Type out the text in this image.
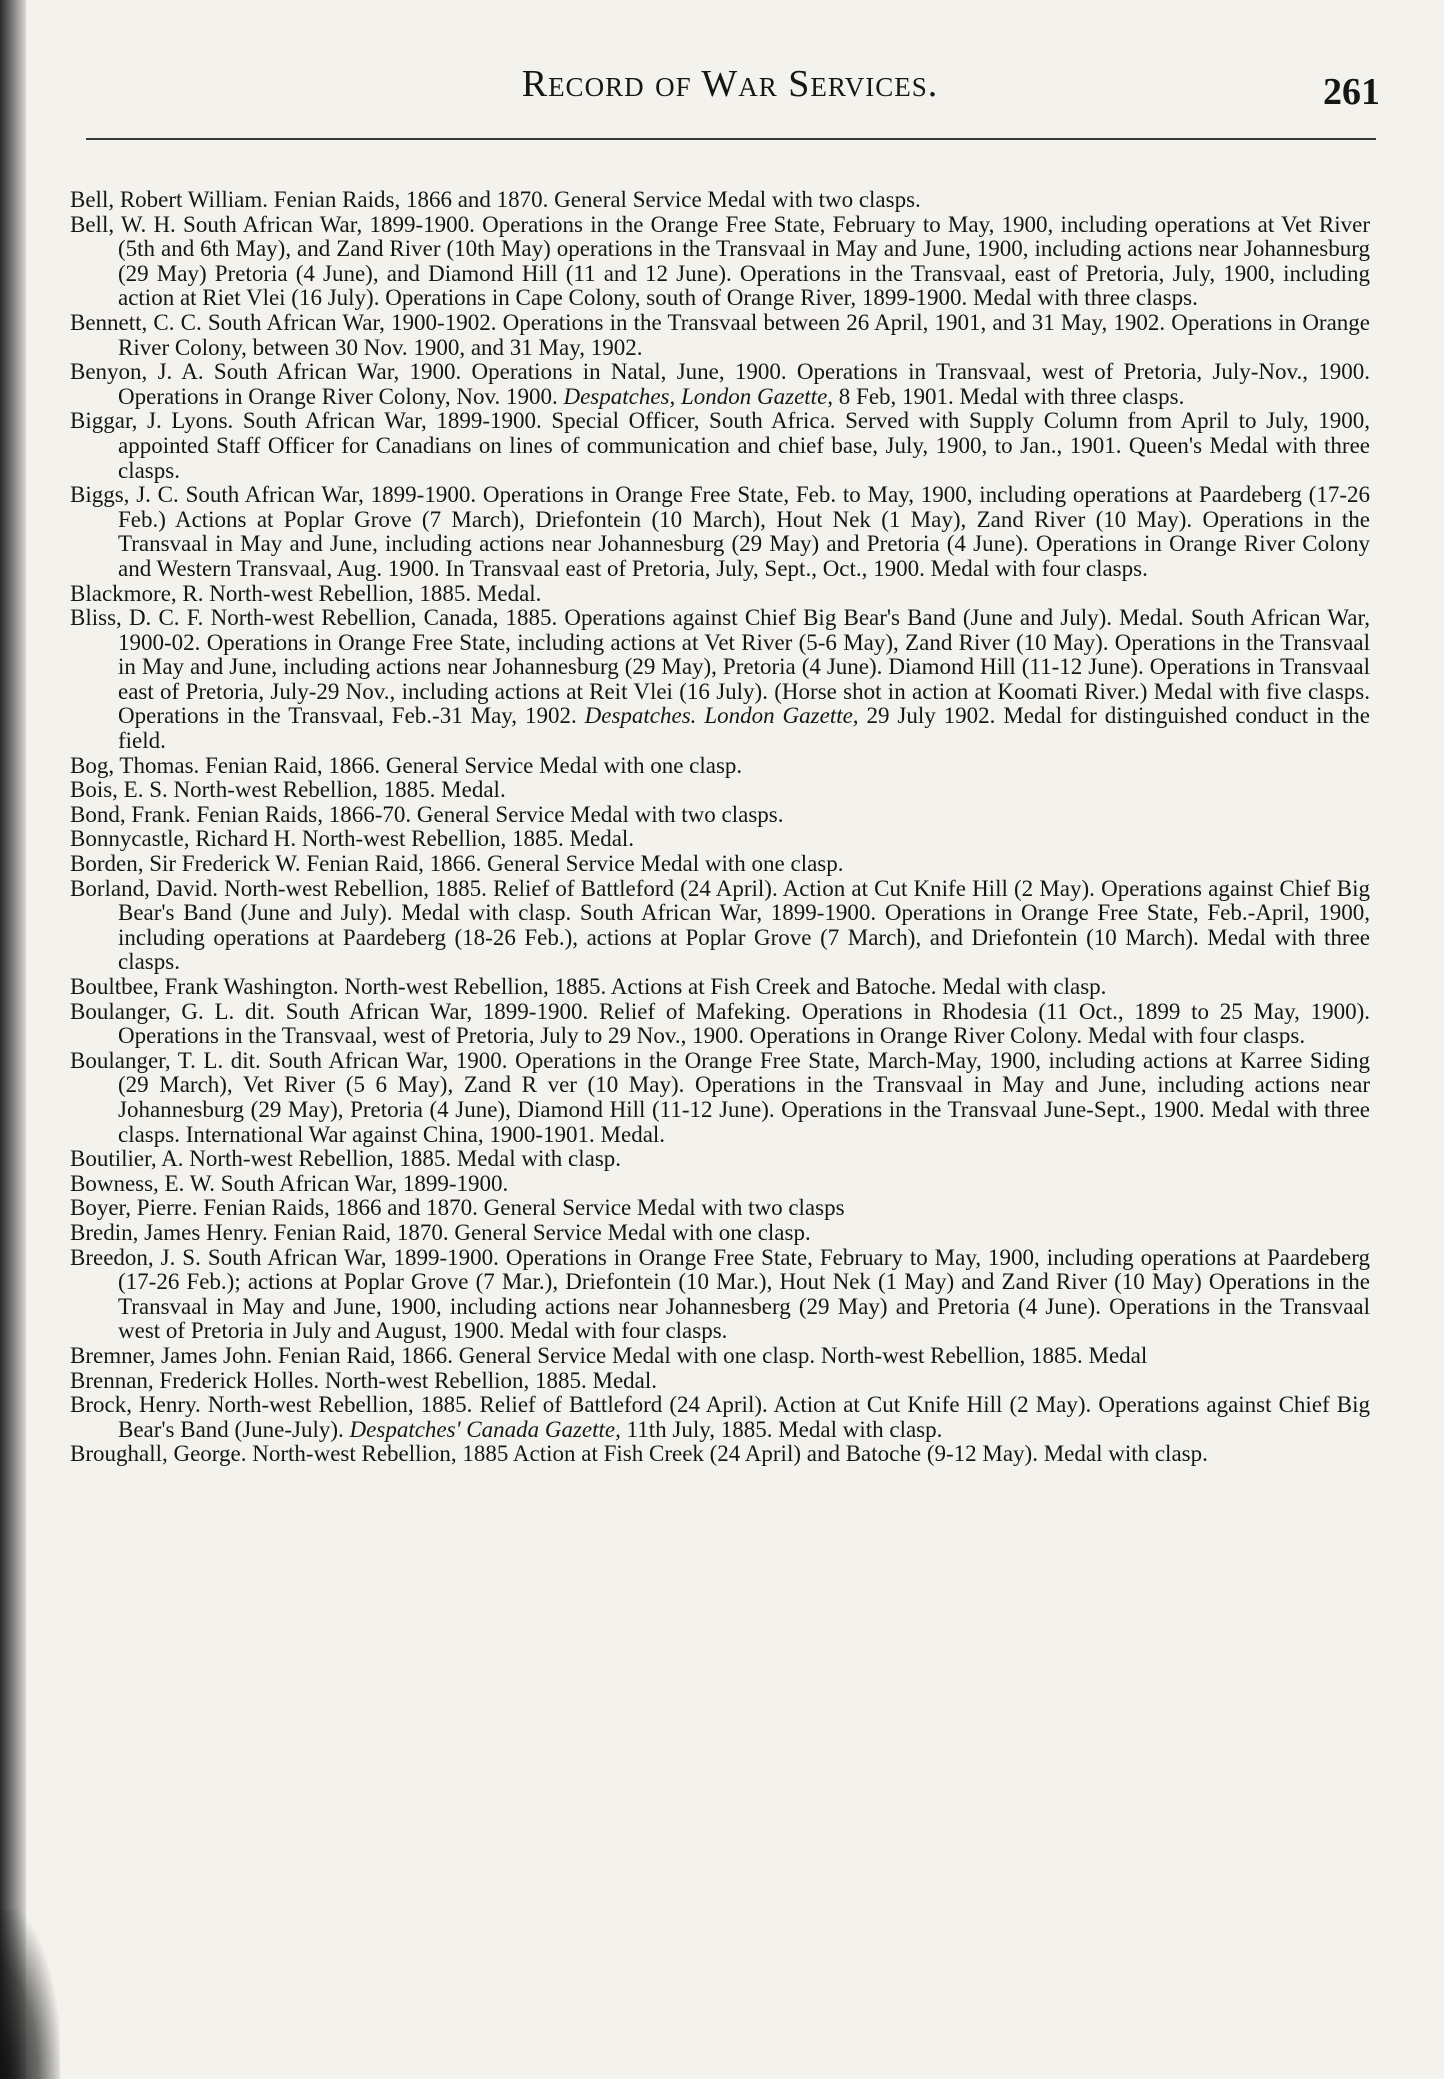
Record of War Services.	261

Bell, Robert William. Fenian Raids, 1866 and 1870. General Service Medal with two clasps.

Bell, W. H. South African War, 1899-1900. Operations in the Orange Free State, February to May, 1900, including operations at Vet River (5th and 6th May), and Zand River (10th May) operations in the Transvaal in May and June, 1900, including actions near Johannesburg (29 May) Pretoria (4 June), and Diamond Hill (11 and 12 June). Operations in the Transvaal, east of Pretoria, July, 1900, including action at Riet Vlei (16 July). Operations in Cape Colony, south of Orange River, 1899-1900. Medal with three clasps.

Bennett, C. C. South African War, 1900-1902. Operations in the Transvaal between 26 April, 1901, and 31 May, 1902. Operations in Orange River Colony, between 30 Nov. 1900, and 31 May, 1902.

Benyon, J. A. South African War, 1900. Operations in Natal, June, 1900. Operations in Transvaal, west of Pretoria, July-Nov., 1900. Operations in Orange River Colony, Nov. 1900. Despatches, London Gazette, 8 Feb, 1901. Medal with three clasps.

Biggar, J. Lyons. South African War, 1899-1900. Special Officer, South Africa. Served with Supply Column from April to July, 1900, appointed Staff Officer for Canadians on lines of communication and chief base, July, 1900, to Jan., 1901. Queen's Medal with three clasps.

Biggs, J. C. South African War, 1899-1900. Operations in Orange Free State, Feb. to May, 1900, including operations at Paardeberg (17-26 Feb.) Actions at Poplar Grove (7 March), Driefontein (10 March), Hout Nek (1 May), Zand River (10 May). Operations in the Transvaal in May and June, including actions near Johannesburg (29 May) and Pretoria (4 June). Operations in Orange River Colony and Western Transvaal, Aug. 1900. In Transvaal east of Pretoria, July, Sept., Oct., 1900. Medal with four clasps.

Blackmore, R. North-west Rebellion, 1885. Medal.

Bliss, D. C. F. North-west Rebellion, Canada, 1885. Operations against Chief Big Bear's Band (June and July). Medal. South African War, 1900-02. Operations in Orange Free State, including actions at Vet River (5-6 May), Zand River (10 May). Operations in the Transvaal in May and June, including actions near Johannesburg (29 May), Pretoria (4 June). Diamond Hill (11-12 June). Operations in Transvaal east of Pretoria, July-29 Nov., including actions at Reit Vlei (16 July). (Horse shot in action at Koomati River.) Medal with five clasps. Operations in the Transvaal, Feb.-31 May, 1902. Despatches. London Gazette, 29 July 1902. Medal for distinguished conduct in the field.

Bog, Thomas. Fenian Raid, 1866. General Service Medal with one clasp.

Bois, E. S. North-west Rebellion, 1885. Medal.

Bond, Frank. Fenian Raids, 1866-70. General Service Medal with two clasps.

Bonnycastle, Richard H. North-west Rebellion, 1885. Medal.

Borden, Sir Frederick W. Fenian Raid, 1866. General Service Medal with one clasp.

Borland, David. North-west Rebellion, 1885. Relief of Battleford (24 April). Action at Cut Knife Hill (2 May). Operations against Chief Big Bear's Band (June and July). Medal with clasp. South African War, 1899-1900. Operations in Orange Free State, Feb.-April, 1900, including operations at Paardeberg (18-26 Feb.), actions at Poplar Grove (7 March), and Driefontein (10 March). Medal with three clasps.

Boultbee, Frank Washington. North-west Rebellion, 1885. Actions at Fish Creek and Batoche. Medal with clasp.

Boulanger, G. L. dit. South African War, 1899-1900. Relief of Mafeking. Operations in Rhodesia (11 Oct., 1899 to 25 May, 1900). Operations in the Transvaal, west of Pretoria, July to 29 Nov., 1900. Operations in Orange River Colony. Medal with four clasps.

Boulanger, T. L. dit. South African War, 1900. Operations in the Orange Free State, March-May, 1900, including actions at Karree Siding (29 March), Vet River (5 6 May), Zand R ver (10 May). Operations in the Transvaal in May and June, including actions near Johannesburg (29 May), Pretoria (4 June), Diamond Hill (11-12 June). Operations in the Transvaal June-Sept., 1900. Medal with three clasps. International War against China, 1900-1901. Medal.

Boutilier, A. North-west Rebellion, 1885. Medal with clasp.

Bowness, E. W. South African War, 1899-1900.

Boyer, Pierre. Fenian Raids, 1866 and 1870. General Service Medal with two clasps

Bredin, James Henry. Fenian Raid, 1870. General Service Medal with one clasp.

Breedon, J. S. South African War, 1899-1900. Operations in Orange Free State, February to May, 1900, including operations at Paardeberg (17-26 Feb.); actions at Poplar Grove (7 Mar.), Driefontein (10 Mar.), Hout Nek (1 May) and Zand River (10 May) Operations in the Transvaal in May and June, 1900, including actions near Johannesberg (29 May) and Pretoria (4 June). Operations in the Transvaal west of Pretoria in July and August, 1900. Medal with four clasps.

Bremner, James John. Fenian Raid, 1866. General Service Medal with one clasp. North-west Rebellion, 1885. Medal

Brennan, Frederick Holles. North-west Rebellion, 1885. Medal.

Brock, Henry. North-west Rebellion, 1885. Relief of Battleford (24 April). Action at Cut Knife Hill (2 May). Operations against Chief Big Bear's Band (June-July). Despatches' Canada Gazette, 11th July, 1885. Medal with clasp.

Broughall, George. North-west Rebellion, 1885 Action at Fish Creek (24 April) and Batoche (9-12 May). Medal with clasp.
